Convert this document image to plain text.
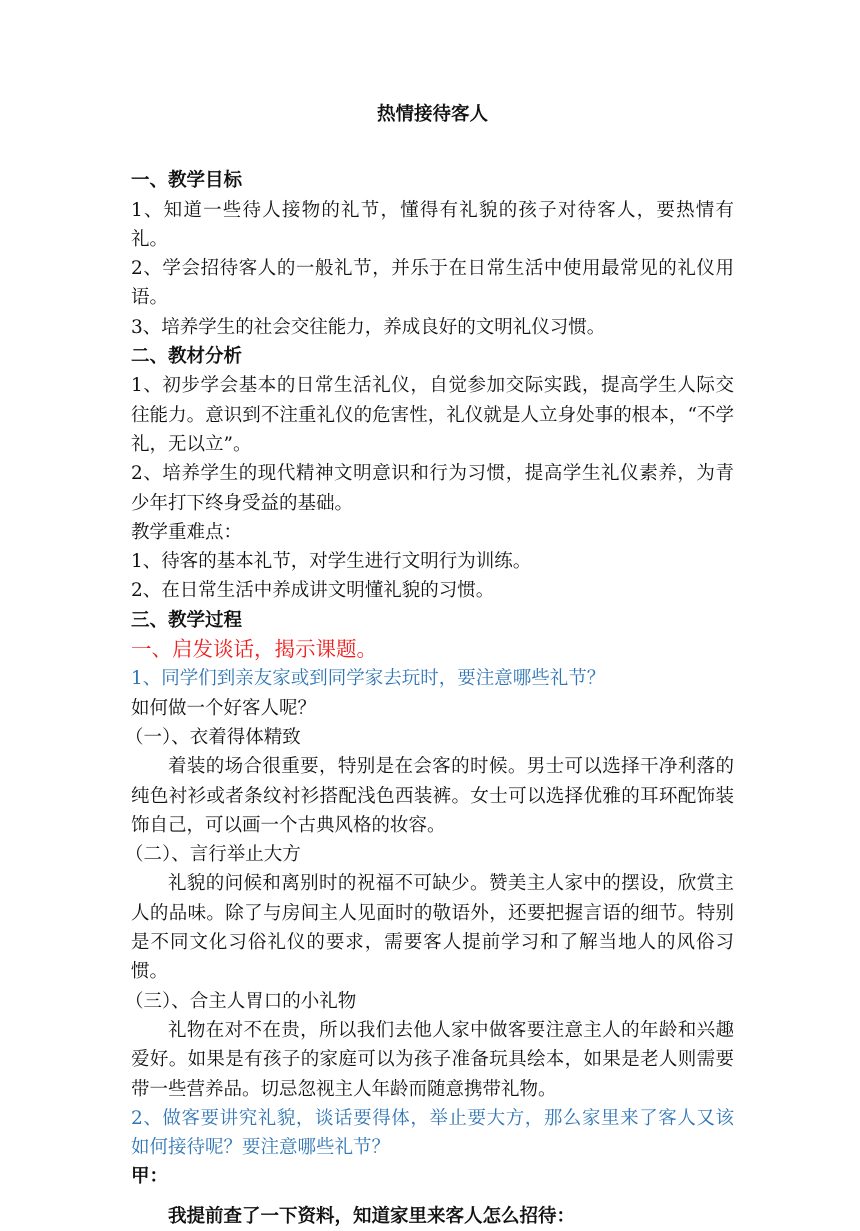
热情接待客人

一、教学目标

1、知道一些待人接物的礼节，懂得有礼貌的孩子对待客人，要热情有礼。

2、学会招待客人的一般礼节，并乐于在日常生活中使用最常见的礼仪用语。

3、培养学生的社会交往能力，养成良好的文明礼仪习惯。

二、教材分析

1、初步学会基本的日常生活礼仪，自觉参加交际实践，提高学生人际交往能力。意识到不注重礼仪的危害性，礼仪就是人立身处事的根本，“不学礼，无以立”。

2、培养学生的现代精神文明意识和行为习惯，提高学生礼仪素养，为青少年打下终身受益的基础。

教学重难点：

1、待客的基本礼节，对学生进行文明行为训练。

2、在日常生活中养成讲文明懂礼貌的习惯。

三、教学过程

一、启发谈话，揭示课题。

1、同学们到亲友家或到同学家去玩时，要注意哪些礼节？

如何做一个好客人呢？

（一）、衣着得体精致

着装的场合很重要，特别是在会客的时候。男士可以选择干净利落的纯色衬衫或者条纹衬衫搭配浅色西装裤。女士可以选择优雅的耳环配饰装饰自己，可以画一个古典风格的妆容。

（二）、言行举止大方

礼貌的问候和离别时的祝福不可缺少。赞美主人家中的摆设，欣赏主人的品味。除了与房间主人见面时的敬语外，还要把握言语的细节。特别是不同文化习俗礼仪的要求，需要客人提前学习和了解当地人的风俗习惯。

（三）、合主人胃口的小礼物

礼物在对不在贵，所以我们去他人家中做客要注意主人的年龄和兴趣爱好。如果是有孩子的家庭可以为孩子准备玩具绘本，如果是老人则需要带一些营养品。切忌忽视主人年龄而随意携带礼物。

2、做客要讲究礼貌，谈话要得体，举止要大方，那么家里来了客人又该如何接待呢？要注意哪些礼节？

甲：

我提前查了一下资料，知道家里来客人怎么招待：
